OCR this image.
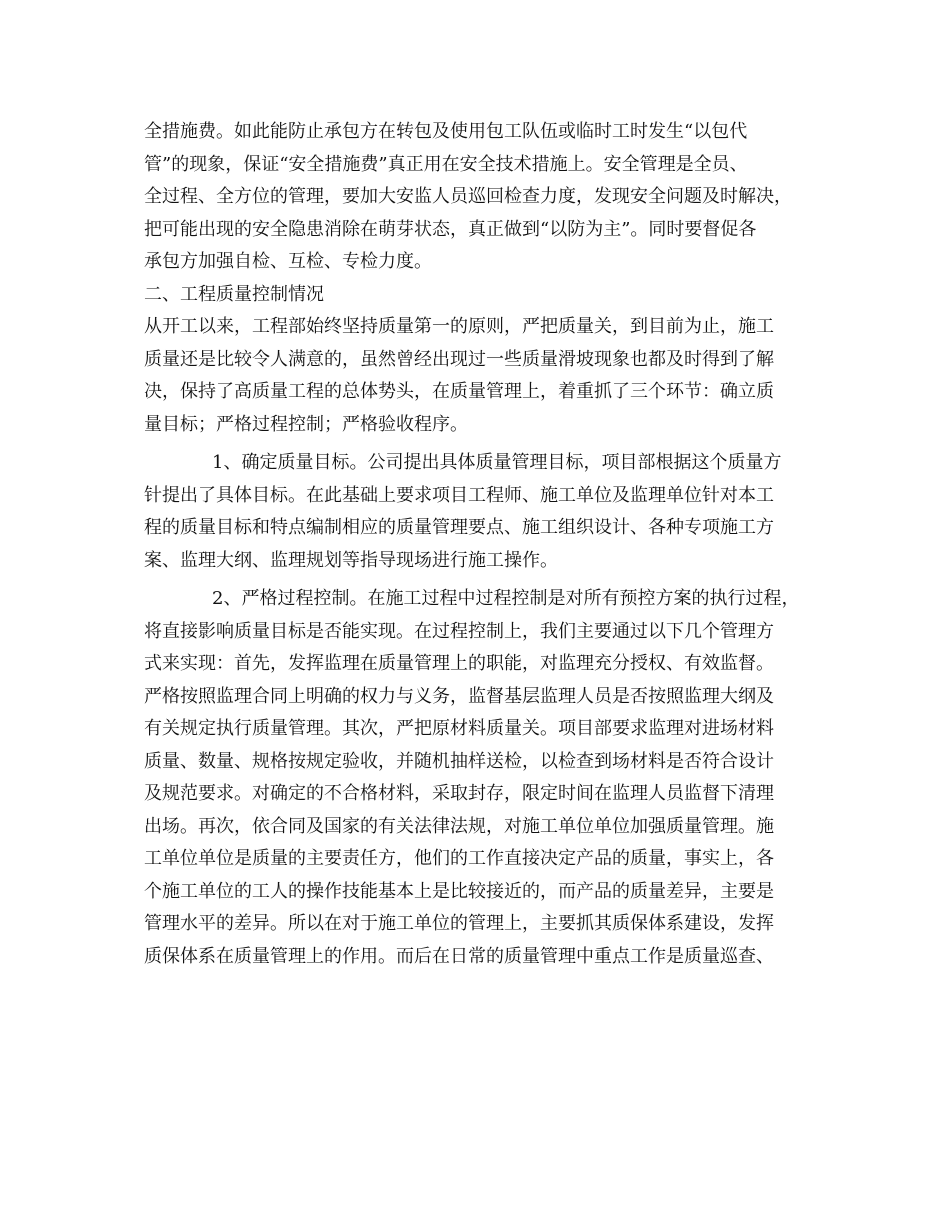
全措施费。如此能防止承包方在转包及使用包工队伍或临时工时发生“以包代
管”的现象，保证“安全措施费”真正用在安全技术措施上。安全管理是全员、
全过程、全方位的管理，要加大安监人员巡回检查力度，发现安全问题及时解决，
把可能出现的安全隐患消除在萌芽状态，真正做到“以防为主”。同时要督促各
承包方加强自检、互检、专检力度。
二、工程质量控制情况
从开工以来，工程部始终坚持质量第一的原则，严把质量关，到目前为止，施工
质量还是比较令人满意的，虽然曾经出现过一些质量滑坡现象也都及时得到了解
决，保持了高质量工程的总体势头，在质量管理上，着重抓了三个环节：确立质
量目标；严格过程控制；严格验收程序。
1、确定质量目标。公司提出具体质量管理目标，项目部根据这个质量方
针提出了具体目标。在此基础上要求项目工程师、施工单位及监理单位针对本工
程的质量目标和特点编制相应的质量管理要点、施工组织设计、各种专项施工方
案、监理大纲、监理规划等指导现场进行施工操作。
2、严格过程控制。在施工过程中过程控制是对所有预控方案的执行过程，
将直接影响质量目标是否能实现。在过程控制上，我们主要通过以下几个管理方
式来实现：首先，发挥监理在质量管理上的职能，对监理充分授权、有效监督。
严格按照监理合同上明确的权力与义务，监督基层监理人员是否按照监理大纲及
有关规定执行质量管理。其次，严把原材料质量关。项目部要求监理对进场材料
质量、数量、规格按规定验收，并随机抽样送检，以检查到场材料是否符合设计
及规范要求。对确定的不合格材料，采取封存，限定时间在监理人员监督下清理
出场。再次，依合同及国家的有关法律法规，对施工单位单位加强质量管理。施
工单位单位是质量的主要责任方，他们的工作直接决定产品的质量，事实上，各
个施工单位的工人的操作技能基本上是比较接近的，而产品的质量差异，主要是
管理水平的差异。所以在对于施工单位的管理上，主要抓其质保体系建设，发挥
质保体系在质量管理上的作用。而后在日常的质量管理中重点工作是质量巡查、
